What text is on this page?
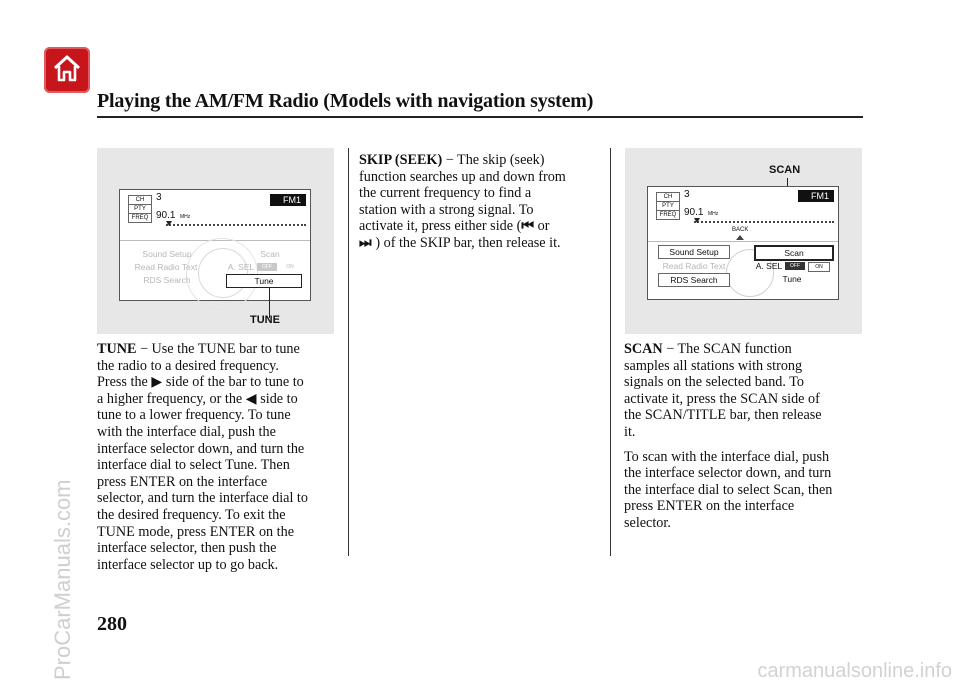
Playing the AM/FM Radio (Models with navigation system)
CH
PTY
FREQ
3
90.1 MHz
FM1
Sound Setup
Read Radio Text
RDS Search
Scan
A. SEL	OFF	ON
Tune
TUNE
SCAN
CH
PTY
FREQ
3
90.1 MHz
FM1
BACK
Sound Setup
Read Radio Text
RDS Search
Scan
A. SEL	OFF	ON
Tune
TUNE − Use the TUNE bar to tune
the radio to a desired frequency.
Press the ▶ side of the bar to tune to
a higher frequency, or the ◀ side to
tune to a lower frequency. To tune
with the interface dial, push the
interface selector down, and turn the
interface dial to select Tune. Then
press ENTER on the interface
selector, and turn the interface dial to
the desired frequency. To exit the
TUNE mode, press ENTER on the
interface selector, then push the
interface selector up to go back.
SKIP (SEEK) − The skip (seek)
function searches up and down from
the current frequency to find a
station with a strong signal. To
activate it, press either side (⏮ or
⏭ ) of the SKIP bar, then release it.
SCAN − The SCAN function
samples all stations with strong
signals on the selected band. To
activate it, press the SCAN side of
the SCAN/TITLE bar, then release
it.
To scan with the interface dial, push
the interface selector down, and turn
the interface dial to select Scan, then
press ENTER on the interface
selector.
280
ProCarManuals.com	carmanualsonline.info
